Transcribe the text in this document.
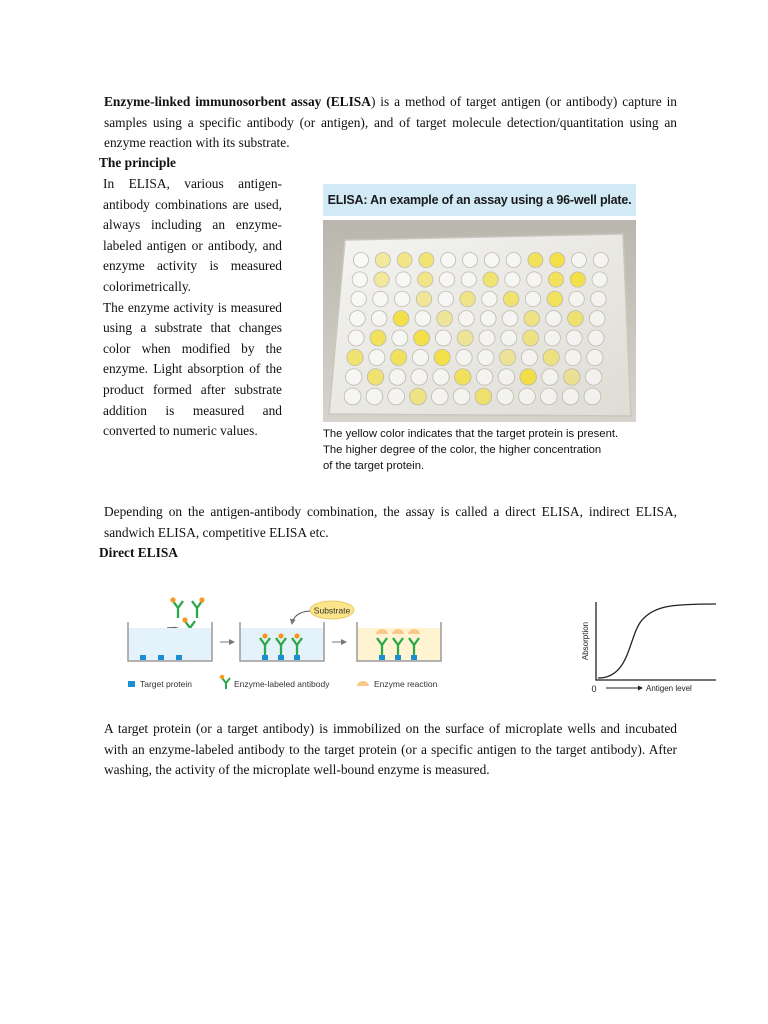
Enzyme-linked immunosorbent assay (ELISA) is a method of target antigen (or antibody) capture in samples using a specific antibody (or antigen), and of target molecule detection/quantitation using an enzyme reaction with its substrate.

The principle
In ELISA, various antigen-antibody combinations are used, always including an enzyme-labeled antigen or antibody, and enzyme activity is measured colorimetrically.
The enzyme activity is measured using a substrate that changes color when modified by the enzyme. Light absorption of the product formed after substrate addition is measured and converted to numeric values.
ELISA: An example of an assay using a 96-well plate.
The yellow color indicates that the target protein is present.
The higher degree of the color, the higher concentration
of the target protein.

Depending on the antigen-antibody combination, the assay is called a direct ELISA, indirect ELISA, sandwich ELISA, competitive ELISA etc.

Direct ELISA
Substrate
Target protein	Enzyme-labeled antibody	Enzyme reaction
Absorption
0	Antigen level

A target protein (or a target antibody) is immobilized on the surface of microplate wells and incubated with an enzyme-labeled antibody to the target protein (or a specific antigen to the target antibody). After washing, the activity of the microplate well-bound enzyme is measured.
